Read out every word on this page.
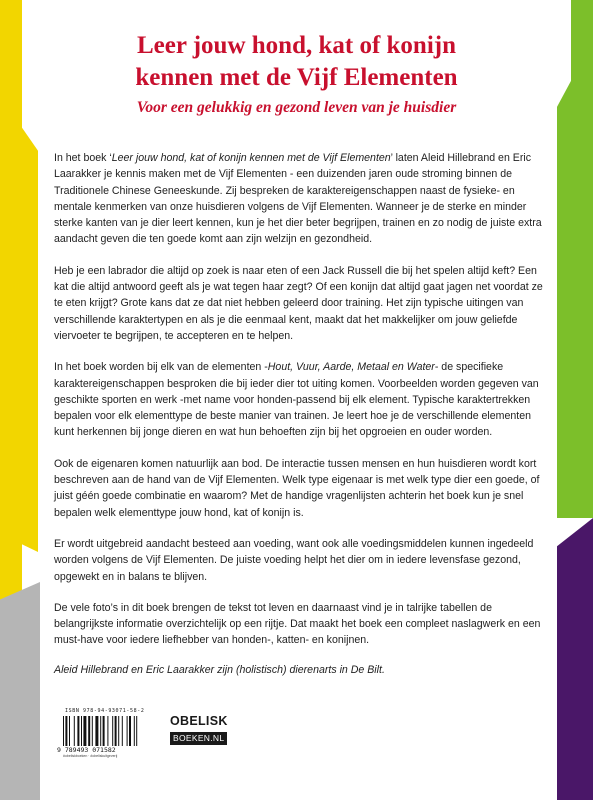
Leer jouw hond, kat of konijn
kennen met de Vijf Elementen
Voor een gelukkig en gezond leven van je huisdier

In het boek ‘Leer jouw hond, kat of konijn kennen met de Vijf Elementen’ laten Aleid Hillebrand en Eric Laarakker je kennis maken met de Vijf Elementen - een duizenden jaren oude stroming binnen de Traditionele Chinese Geneeskunde. Zij bespreken de karaktereigenschappen naast de fysieke- en mentale kenmerken van onze huisdieren volgens de Vijf Elementen. Wanneer je de sterke en minder sterke kanten van je dier leert kennen, kun je het dier beter begrijpen, trainen en zo nodig de juiste extra aandacht geven die ten goede komt aan zijn welzijn en gezondheid.

Heb je een labrador die altijd op zoek is naar eten of een Jack Russell die bij het spelen altijd keft? Een kat die altijd antwoord geeft als je wat tegen haar zegt? Of een konijn dat altijd gaat jagen net voordat ze te eten krijgt? Grote kans dat ze dat niet hebben geleerd door training. Het zijn typische uitingen van verschillende karaktertypen en als je die eenmaal kent, maakt dat het makkelijker om jouw geliefde viervoeter te begrijpen, te accepteren en te helpen.

In het boek worden bij elk van de elementen -Hout, Vuur, Aarde, Metaal en Water- de specifieke karaktereigenschappen besproken die bij ieder dier tot uiting komen. Voorbeelden worden gegeven van geschikte sporten en werk -met name voor honden-passend bij elk element. Typische karaktertrekken bepalen voor elk elementtype de beste manier van trainen. Je leert hoe je de verschillende elementen kunt herkennen bij jonge dieren en wat hun behoeften zijn bij het opgroeien en ouder worden.

Ook de eigenaren komen natuurlijk aan bod. De interactie tussen mensen en hun huisdieren wordt kort beschreven aan de hand van de Vijf Elementen. Welk type eigenaar is met welk type dier een goede, of juist géén goede combinatie en waarom? Met de handige vragenlijsten achterin het boek kun je snel bepalen welk elementtype jouw hond, kat of konijn is.

Er wordt uitgebreid aandacht besteed aan voeding, want ook alle voedingsmiddelen kunnen ingedeeld worden volgens de Vijf Elementen. De juiste voeding helpt het dier om in iedere levensfase gezond, opgewekt en in balans te blijven.

De vele foto’s in dit boek brengen de tekst tot leven en daarnaast vind je in talrijke tabellen de belangrijkste informatie overzichtelijk op een rijtje. Dat maakt het boek een compleet naslagwerk en een must-have voor iedere liefhebber van honden-, katten- en konijnen.

Aleid Hillebrand en Eric Laarakker zijn (holistisch) dierenarts in De Bilt.

ISBN 978-94-93071-58-2
9 789493 071582
#obeliskboeken · #obeliskuitgeverij
OBELISK
BOEKEN.NL
